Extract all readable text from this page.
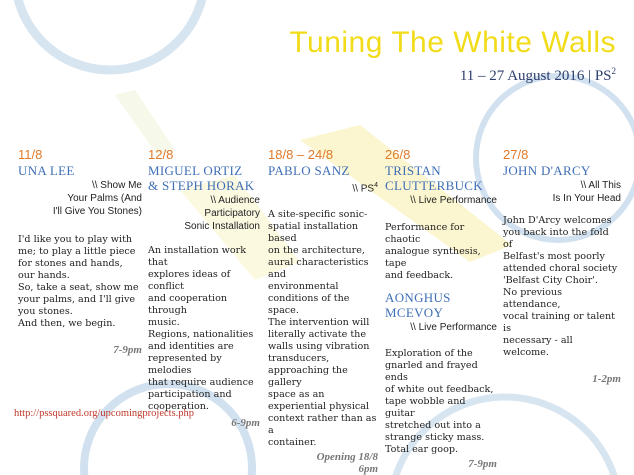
Tuning The White Walls
11 – 27 August 2016 | $PS^2$
11/8
UNA LEE
\\ Show Me
Your Palms (And
I'll Give You Stones)
I'd like you to play with
me; to play a little piece
for stones and hands,
our hands.
So, take a seat, show me
your palms, and I'll give
you stones.
And then, we begin.
7-9pm
12/8
MIGUEL ORTIZ
& STEPH HORAK
\\ Audience
Participatory
Sonic Installation
An installation work that
explores ideas of conflict
and cooperation through
music.
Regions, nationalities
and identities are
represented by melodies
that require audience
participation and
cooperation.
6-9pm
18/8 – 24/8
PABLO SANZ
\\ $PS^4$
A site-specific sonic-
spatial installation based
on the architecture,
aural characteristics and
environmental
conditions of the space.
The intervention will
literally activate the
walls using vibration
transducers,
approaching the gallery
space as an
experiential physical
context rather than as a
container.
Opening 18/8
6pm
26/8
TRISTAN
CLUTTERBUCK
\\ Live Performance
Performance for chaotic
analogue synthesis, tape
and feedback.
AONGHUS
MCEVOY
\\ Live Performance
Exploration of the
gnarled and frayed ends
of white out feedback,
tape wobble and guitar
stretched out into a
strange sticky mass.
Total ear goop.
7-9pm
27/8
JOHN D'ARCY
\\ All This
Is In Your Head
John D'Arcy welcomes
you back into the fold of
Belfast's most poorly
attended choral society
'Belfast City Choir'.
No previous attendance,
vocal training or talent is
necessary - all welcome.
1-2pm
http://pssquared.org/upcomingprojects.php
